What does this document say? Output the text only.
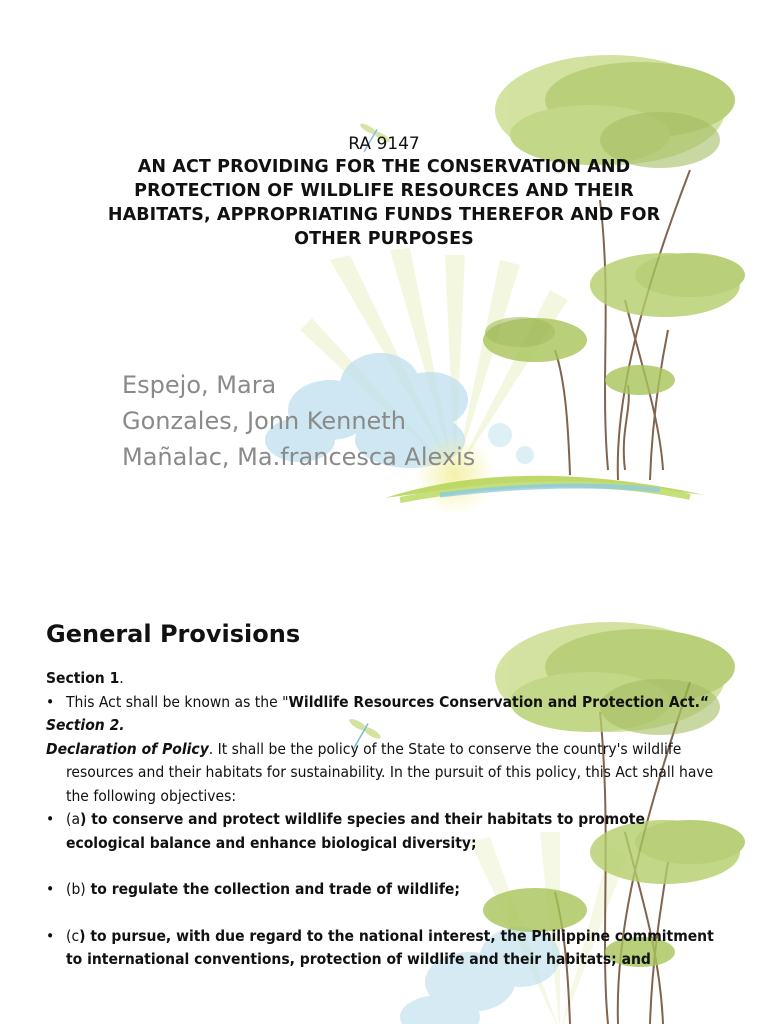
RA 9147
AN ACT PROVIDING FOR THE CONSERVATION AND
PROTECTION OF WILDLIFE RESOURCES AND THEIR
HABITATS, APPROPRIATING FUNDS THEREFOR AND FOR
OTHER PURPOSES
Espejo, Mara
Gonzales, Jonn Kenneth
Mañalac, Ma.francesca Alexis
General Provisions

Section 1.

• This Act shall be known as the "Wildlife Resources Conservation and Protection Act.“

Section 2.

Declaration of Policy. It shall be the policy of the State to conserve the country's wildlife resources and their habitats for sustainability. In the pursuit of this policy, this Act shall have the following objectives:

• (a) to conserve and protect wildlife species and their habitats to promote ecological balance and enhance biological diversity;

• (b) to regulate the collection and trade of wildlife;

• (c) to pursue, with due regard to the national interest, the Philippine commitment to international conventions, protection of wildlife and their habitats; and
